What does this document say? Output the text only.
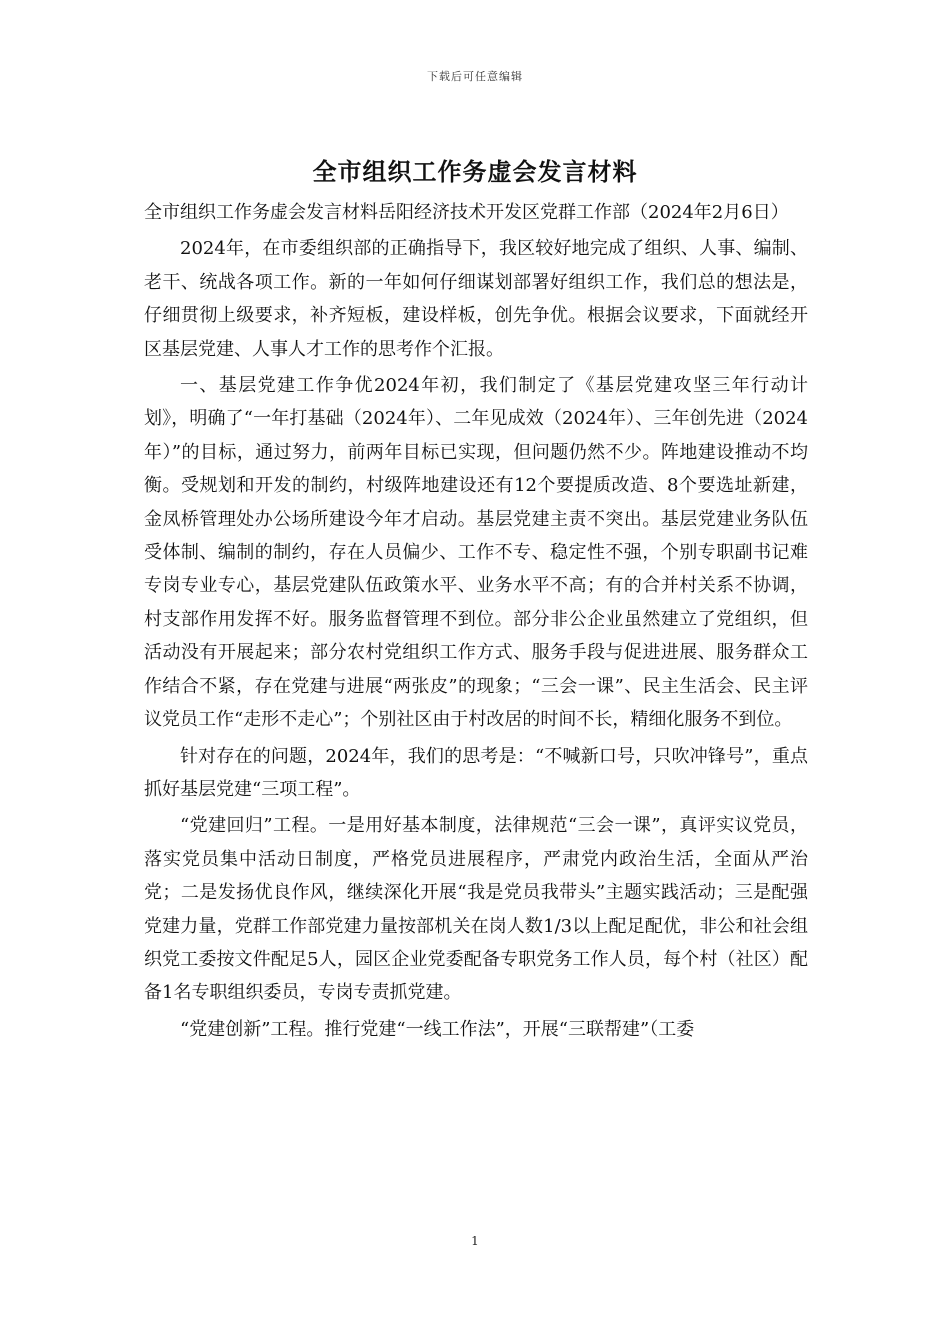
下载后可任意编辑
全市组织工作务虚会发言材料

全市组织工作务虚会发言材料岳阳经济技术开发区党群工作部（2024年2月6日）

2024年，在市委组织部的正确指导下，我区较好地完成了组织、人事、编制、老干、统战各项工作。新的一年如何仔细谋划部署好组织工作，我们总的想法是，仔细贯彻上级要求，补齐短板，建设样板，创先争优。根据会议要求，下面就经开区基层党建、人事人才工作的思考作个汇报。

一、基层党建工作争优2024年初，我们制定了《基层党建攻坚三年行动计划》，明确了“一年打基础（2024年）、二年见成效（2024年）、三年创先进（2024年）”的目标，通过努力，前两年目标已实现，但问题仍然不少。阵地建设推动不均衡。受规划和开发的制约，村级阵地建设还有12个要提质改造、8个要选址新建，金凤桥管理处办公场所建设今年才启动。基层党建主责不突出。基层党建业务队伍受体制、编制的制约，存在人员偏少、工作不专、稳定性不强，个别专职副书记难专岗专业专心，基层党建队伍政策水平、业务水平不高；有的合并村关系不协调，村支部作用发挥不好。服务监督管理不到位。部分非公企业虽然建立了党组织，但活动没有开展起来；部分农村党组织工作方式、服务手段与促进进展、服务群众工作结合不紧，存在党建与进展“两张皮”的现象；“三会一课”、民主生活会、民主评议党员工作“走形不走心”；个别社区由于村改居的时间不长，精细化服务不到位。

针对存在的问题，2024年，我们的思考是：“不喊新口号，只吹冲锋号”，重点抓好基层党建“三项工程”。

“党建回归”工程。一是用好基本制度，法律规范“三会一课”，真评实议党员，落实党员集中活动日制度，严格党员进展程序，严肃党内政治生活，全面从严治党；二是发扬优良作风，继续深化开展“我是党员我带头”主题实践活动；三是配强党建力量，党群工作部党建力量按部机关在岗人数1/3以上配足配优，非公和社会组织党工委按文件配足5人，园区企业党委配备专职党务工作人员，每个村（社区）配备1名专职组织委员，专岗专责抓党建。

“党建创新”工程。推行党建“一线工作法”，开展“三联帮建”（工委

1
